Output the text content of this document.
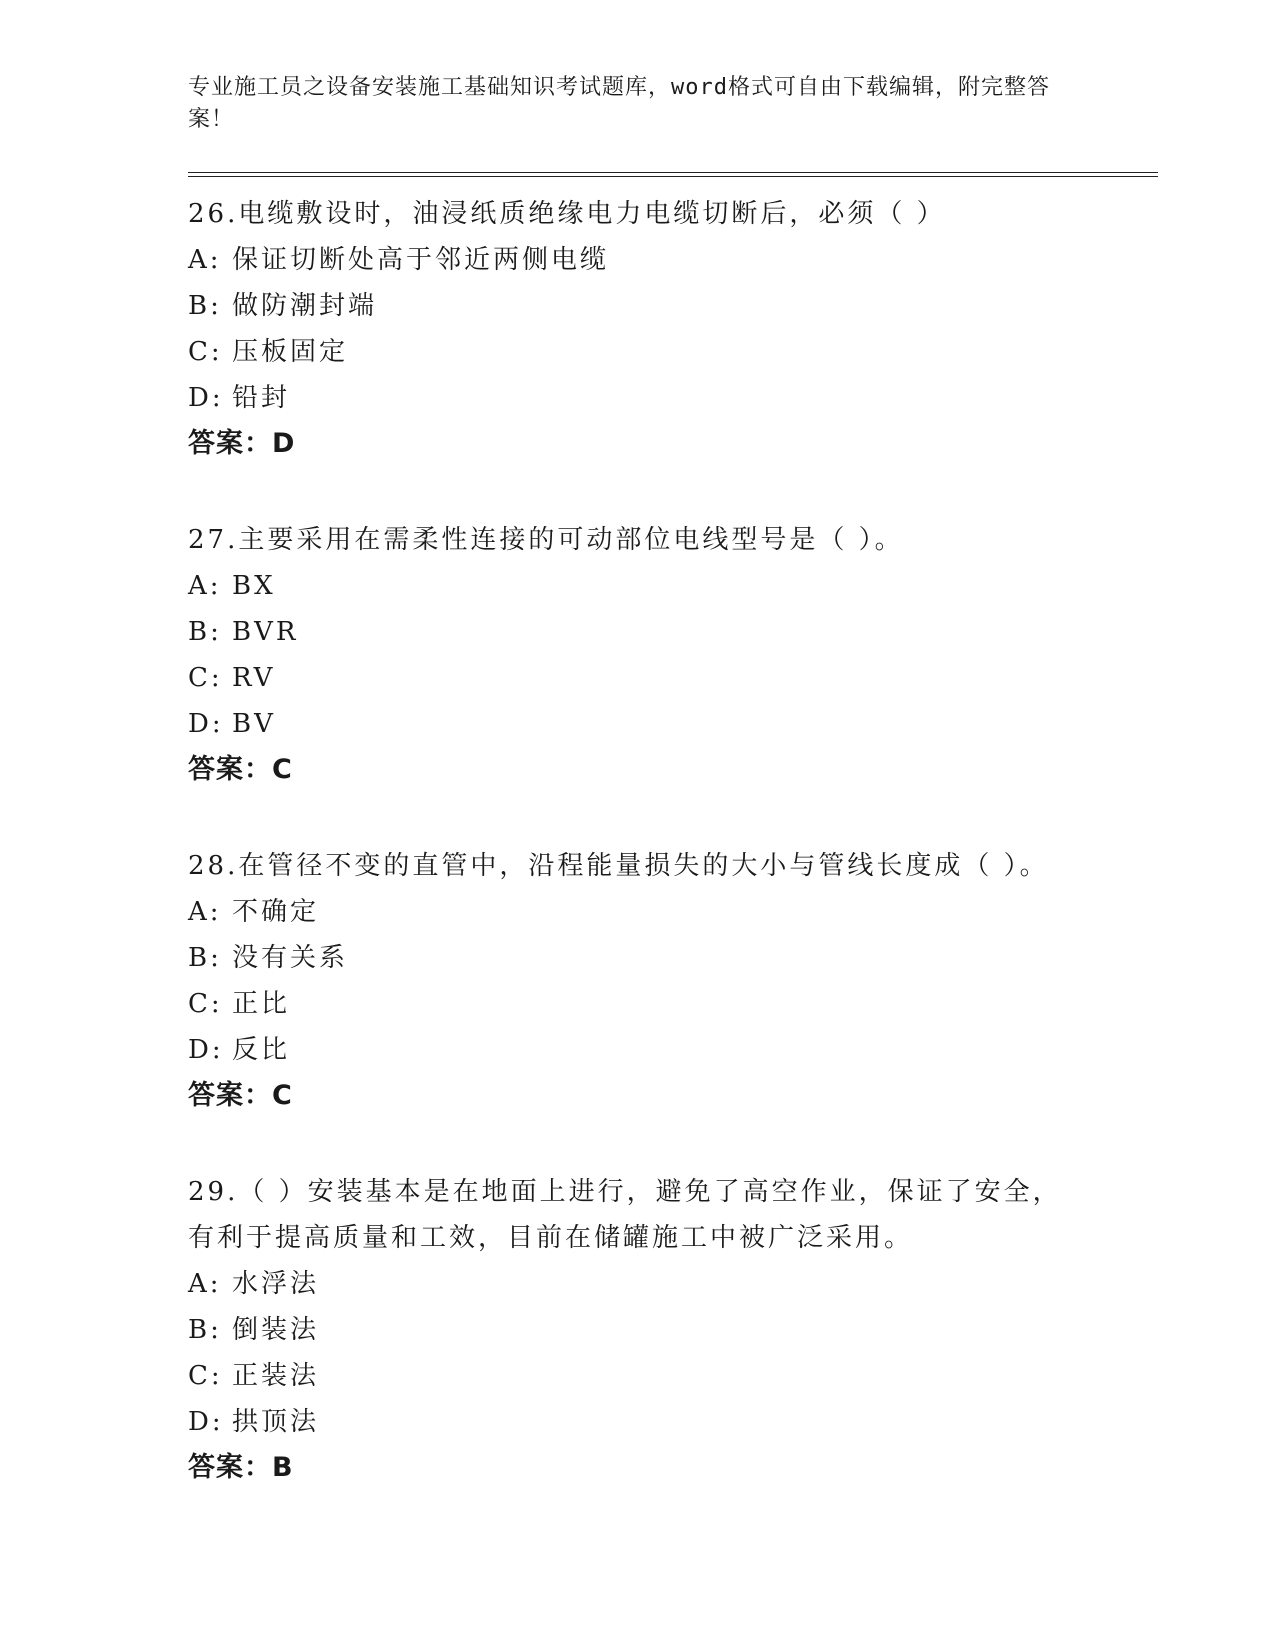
专业施工员之设备安装施工基础知识考试题库，word格式可自由下载编辑，附完整答案！
26.电缆敷设时，油浸纸质绝缘电力电缆切断后，必须（ ）
A: 保证切断处高于邻近两侧电缆
B: 做防潮封端
C: 压板固定
D: 铅封
答案：D
27.主要采用在需柔性连接的可动部位电线型号是（ ）。
A: BX
B: BVR
C: RV
D: BV
答案：C
28.在管径不变的直管中，沿程能量损失的大小与管线长度成（ ）。
A: 不确定
B: 没有关系
C: 正比
D: 反比
答案：C
29.（ ）安装基本是在地面上进行，避免了高空作业，保证了安全，有利于提高质量和工效，目前在储罐施工中被广泛采用。
A: 水浮法
B: 倒装法
C: 正装法
D: 拱顶法
答案：B
